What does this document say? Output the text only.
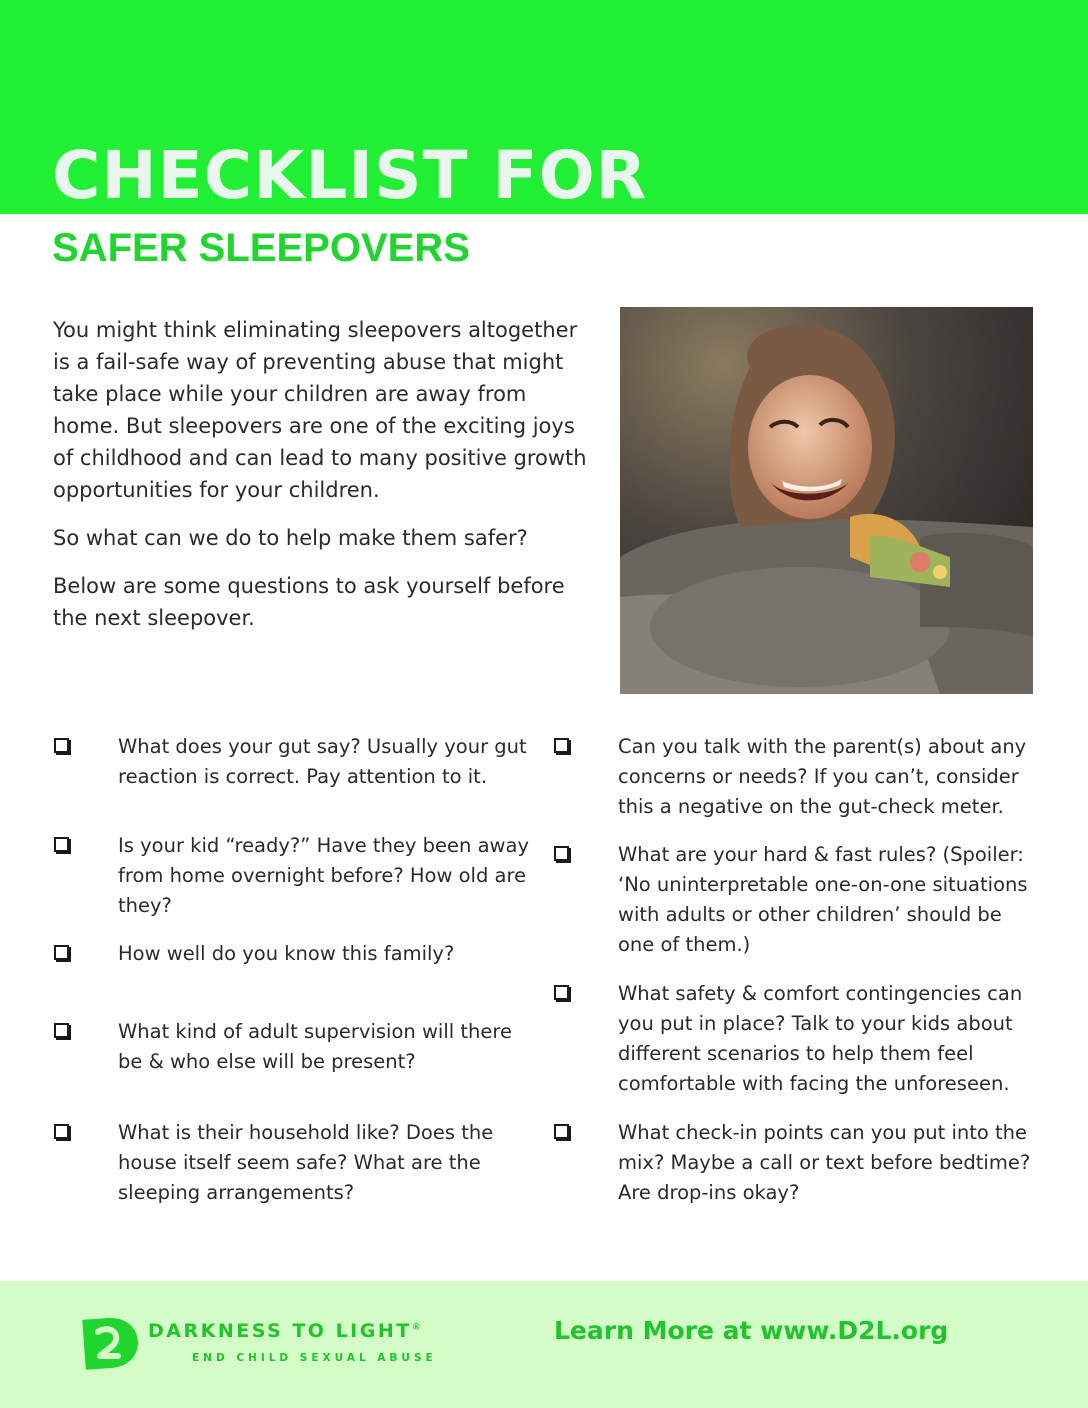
CHECKLIST FOR
SAFER SLEEPOVERS

You might think eliminating sleepovers altogether is a fail-safe way of preventing abuse that might take place while your children are away from home. But sleepovers are one of the exciting joys of childhood and can lead to many positive growth opportunities for your children.

So what can we do to help make them safer?

Below are some questions to ask yourself before the next sleepover.

What does your gut say? Usually your gut reaction is correct. Pay attention to it.
Is your kid “ready?” Have they been away from home overnight before? How old are they?
How well do you know this family?
What kind of adult supervision will there be & who else will be present?
What is their household like? Does the house itself seem safe? What are the sleeping arrangements?
Can you talk with the parent(s) about any concerns or needs? If you can’t, consider this a negative on the gut-check meter.
What are your hard & fast rules? (Spoiler: ‘No uninterpretable one-on-one situations with adults or other children’ should be one of them.)
What safety & comfort contingencies can you put in place? Talk to your kids about different scenarios to help them feel comfortable with facing the unforeseen.
What check-in points can you put into the mix? Maybe a call or text before bedtime? Are drop-ins okay?
DARKNESS TO LIGHT®
END CHILD SEXUAL ABUSE
Learn More at www.D2L.org
